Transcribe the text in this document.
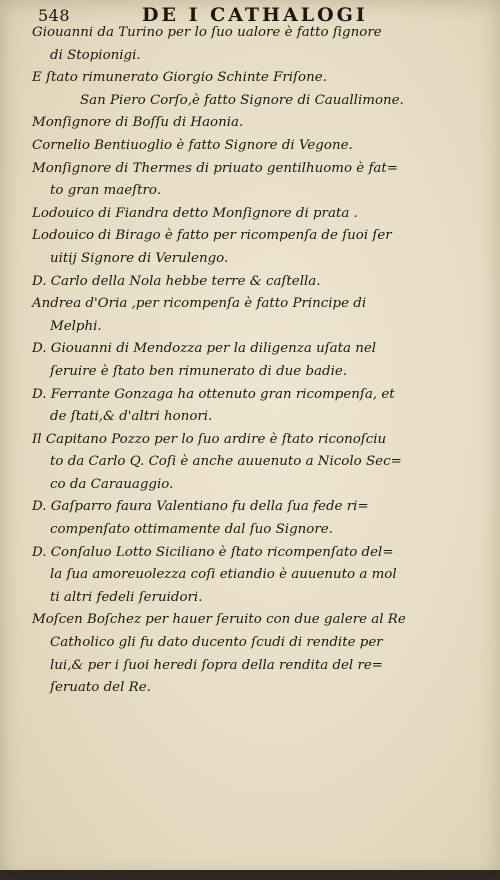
548	DE I CATHALOGI

Giouanni da Turino per lo ſuo ualore è fatto ſignoredi Stopionigi.

E ſtato rimunerato Giorgio Schinte Friſone.

San Piero Corſo,è fatto Signore di Cauallimone.

Monſignore di Boſſu di Haonia.

Cornelio Bentiuoglio è fatto Signore di Vegone.

Monſignore di Thermes di priuato gentilhuomo è fat=to gran maeſtro.

Lodouico di Fiandra detto Monſignore di prata .

Lodouico di Birago è fatto per ricompenſa de ſuoi ſeruitij Signore di Verulengo.

D. Carlo della Nola hebbe terre & caſtella.

Andrea d'Oria ,per ricompenſa è fatto Principe diMelphi.

D. Giouanni di Mendozza per la diligenza uſata nelſeruire è ſtato ben rimunerato di due badie.

D. Ferrante Gonzaga ha ottenuto gran ricompenſa, etde ſtati,& d'altri honori.

Il Capitano Pozzo per lo ſuo ardire è ſtato riconoſciuto da Carlo Q. Coſi è anche auuenuto a Nicolo Sec=co da Carauaggio.

D. Gaſparro faura Valentiano fu della ſua fede ri=compenſato ottimamente dal ſuo Signore.

D. Conſaluo Lotto Siciliano è ſtato ricompenſato del=la ſua amoreuolezza coſi etiandio è auuenuto a molti altri fedeli ſeruidori.

Moſcen Boſchez per hauer ſeruito con due galere al ReCatholico gli fu dato ducento ſcudi di rendite perlui,& per i ſuoi heredi ſopra della rendita del re=ſeruato del Re.
